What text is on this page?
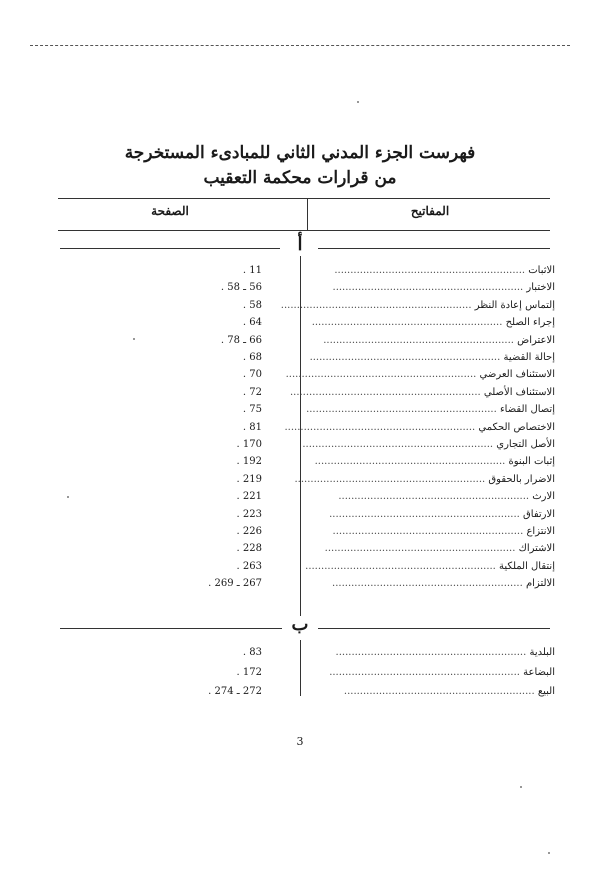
فهرست الجزء المدني الثاني للمبادىء المستخرجة
من قرارات محكمة التعقيب
المفاتيح
الصفحة
أ
الاثبات ............................................................
11 .
الاختبار ............................................................
56 ـ 58 .
إلتماس إعادة النظر ............................................................
58 .
إجراء الصلح ............................................................
64 .
الاعتراض ............................................................
66 ـ 78 .
إحالة القضية ............................................................
68 .
الاستئناف العرضي ............................................................
70 .
الاستئناف الأصلي ............................................................
72 .
إتصال القضاء ............................................................
75 .
الاختصاص الحكمي ............................................................
81 .
الأصل التجاري ............................................................
170 .
إثبات البنوة ............................................................
192 .
الاضرار بالحقوق ............................................................
219 .
الارث ............................................................
221 .
الارتفاق ............................................................
223 .
الانتزاع ............................................................
226 .
الاشتراك ............................................................
228 .
إنتقال الملكية ............................................................
263 .
الالتزام ............................................................
267 ـ 269 .
ب
البلدية ............................................................
83 .
البضاعة ............................................................
172 .
البيع ............................................................
272 ـ 274 .
3
